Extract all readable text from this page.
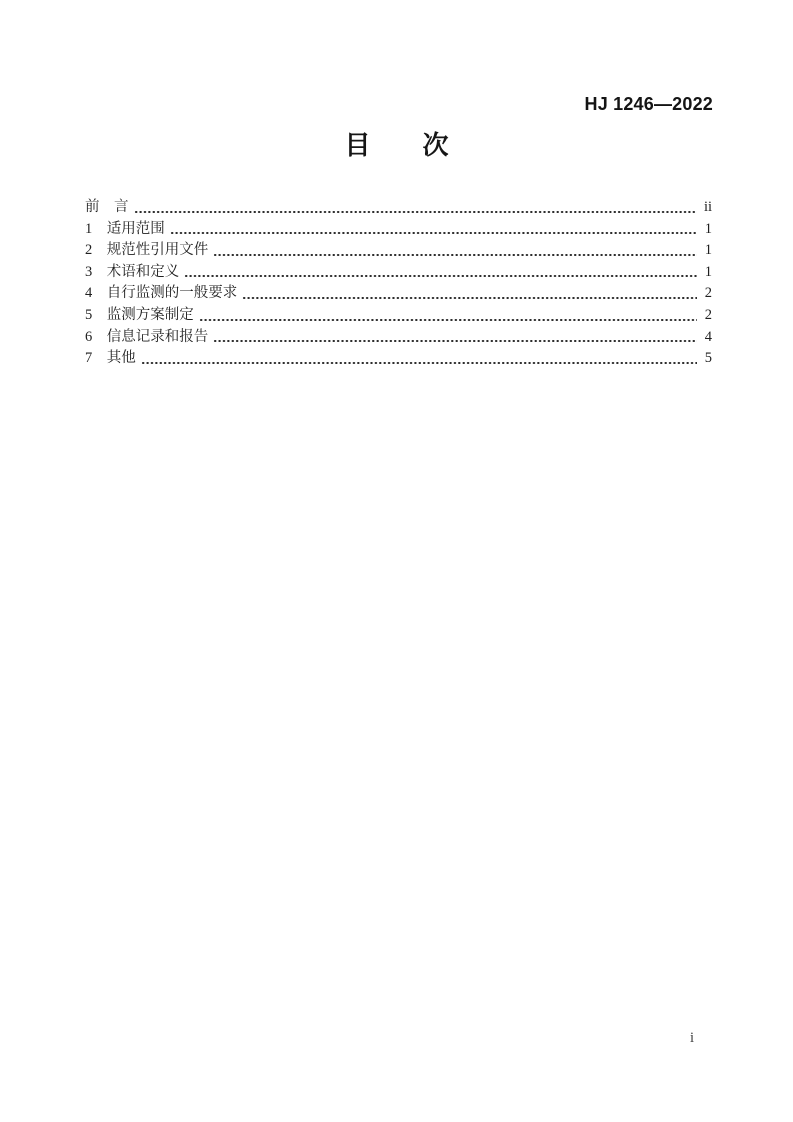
HJ 1246—2022
目　　次
前　言	ii
1　适用范围	1
2　规范性引用文件	1
3　术语和定义	1
4　自行监测的一般要求	2
5　监测方案制定	2
6　信息记录和报告	4
7　其他	5
i
